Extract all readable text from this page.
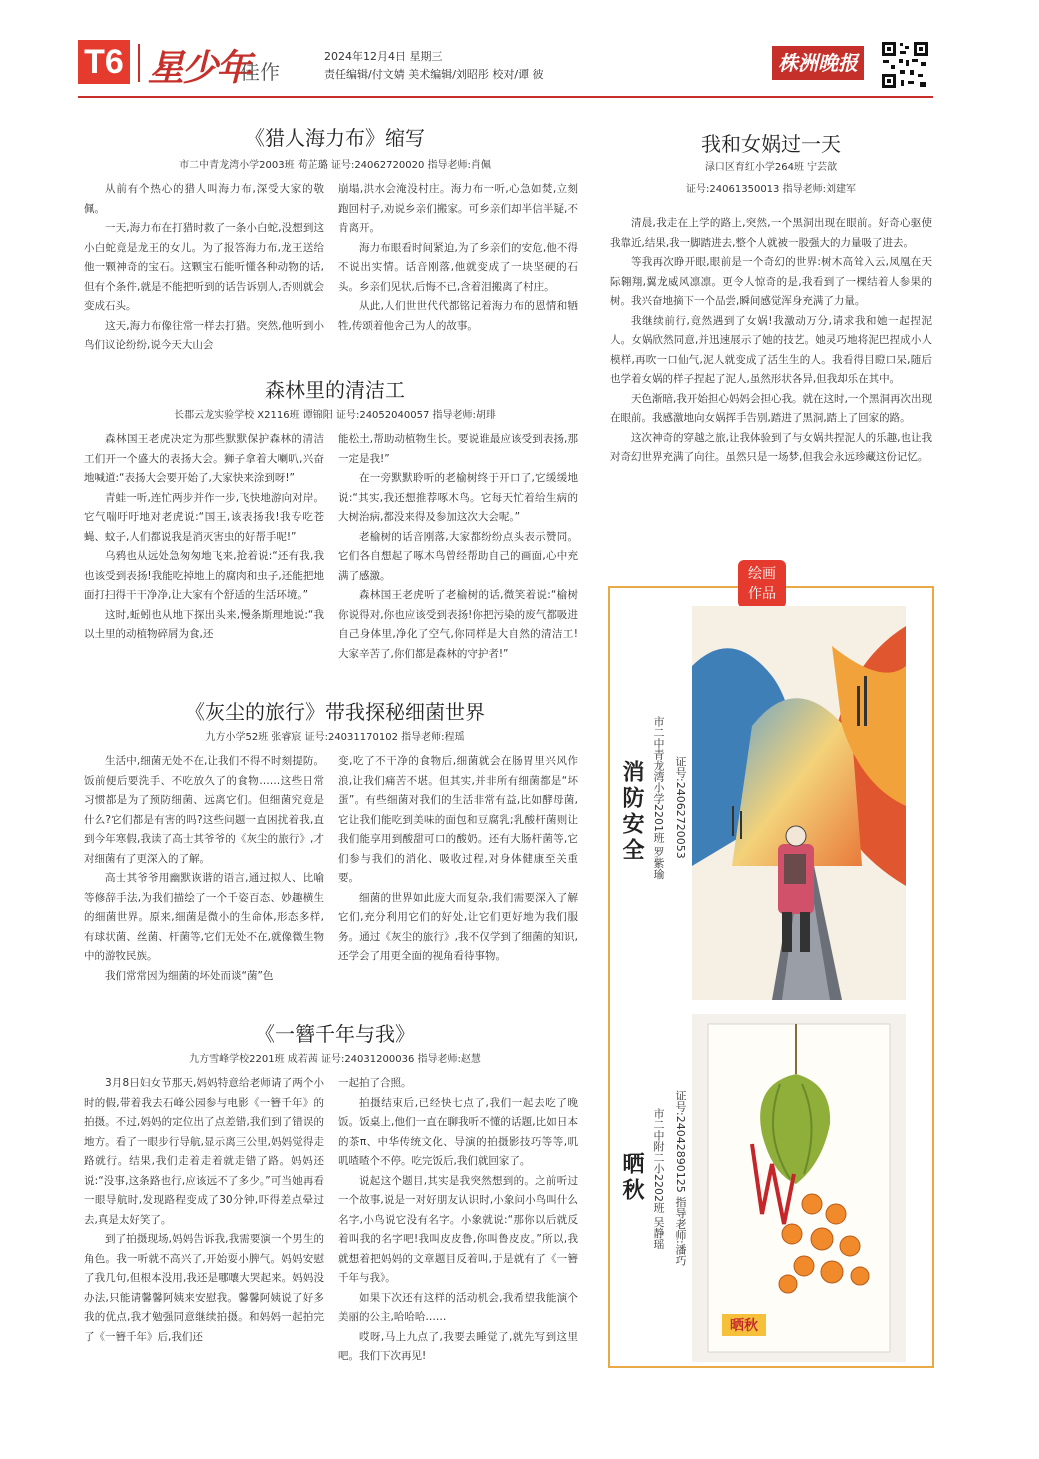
T6 星少年
佳作
2024年12月4日 星期三
责任编辑/付文婧 美术编辑/刘昭彤 校对/谭 彼	株洲晚报
《猎人海力布》缩写
市二中青龙湾小学2003班 荀芷璐 证号:24062720020 指导老师:肖佩

从前有个热心的猎人叫海力布,深受大家的敬佩。

一天,海力布在打猎时救了一条小白蛇,没想到这小白蛇竟是龙王的女儿。为了报答海力布,龙王送给他一颗神奇的宝石。这颗宝石能听懂各种动物的话,但有个条件,就是不能把听到的话告诉别人,否则就会变成石头。

这天,海力布像往常一样去打猎。突然,他听到小鸟们议论纷纷,说今天大山会

崩塌,洪水会淹没村庄。海力布一听,心急如焚,立刻跑回村子,劝说乡亲们搬家。可乡亲们却半信半疑,不肯离开。

海力布眼看时间紧迫,为了乡亲们的安危,他不得不说出实情。话音刚落,他就变成了一块坚硬的石头。乡亲们见状,后悔不已,含着泪搬离了村庄。

从此,人们世世代代都铭记着海力布的恩情和牺牲,传颂着他舍己为人的故事。

森林里的清洁工
长郡云龙实验学校 X2116班 谭锦阳 证号:24052040057 指导老师:胡琲

森林国王老虎决定为那些默默保护森林的清洁工们开一个盛大的表扬大会。狮子拿着大喇叭,兴奋地喊道:“表扬大会要开始了,大家快来涂到呀!”

青蛙一听,连忙两步并作一步,飞快地游向对岸。它气喘吁吁地对老虎说:“国王,该表扬我!我专吃苍蝇、蚊子,人们都说我是消灭害虫的好帮手呢!”

乌鸦也从远处急匆匆地飞来,抢着说:“还有我,我也该受到表扬!我能吃掉地上的腐肉和虫子,还能把地面打扫得干干净净,让大家有个舒适的生活环境。”

这时,蚯蚓也从地下探出头来,慢条斯理地说:“我以土里的动植物碎屑为食,还

能松土,帮助动植物生长。要说谁最应该受到表扬,那一定是我!”

在一旁默默聆听的老榆树终于开口了,它缓缓地说:“其实,我还想推荐啄木鸟。它每天忙着给生病的大树治病,都没来得及参加这次大会呢。”

老榆树的话音刚落,大家都纷纷点头表示赞同。它们各自想起了啄木鸟曾经帮助自己的画面,心中充满了感激。

森林国王老虎听了老榆树的话,微笑着说:“榆树你说得对,你也应该受到表扬!你把污染的废气都吸进自己身体里,净化了空气,你同样是大自然的清洁工!大家辛苦了,你们都是森林的守护者!”

《灰尘的旅行》带我探秘细菌世界
九方小学52班 张睿宸 证号:24031170102 指导老师:程瑶

生活中,细菌无处不在,让我们不得不时刻提防。饭前便后要洗手、不吃放久了的食物……这些日常习惯都是为了预防细菌、远离它们。但细菌究竟是什么?它们都是有害的吗?这些问题一直困扰着我,直到今年寒假,我读了高士其爷爷的《灰尘的旅行》,才对细菌有了更深入的了解。

高士其爷爷用幽默诙谐的语言,通过拟人、比喻等修辞手法,为我们描绘了一个千姿百态、妙趣横生的细菌世界。原来,细菌是微小的生命体,形态多样,有球状菌、丝菌、杆菌等,它们无处不在,就像微生物中的游牧民族。

我们常常因为细菌的坏处而谈“菌”色

变,吃了不干净的食物后,细菌就会在肠胃里兴风作浪,让我们痛苦不堪。但其实,并非所有细菌都是“坏蛋”。有些细菌对我们的生活非常有益,比如酵母菌,它让我们能吃到美味的面包和豆腐乳;乳酸杆菌则让我们能享用到酸甜可口的酸奶。还有大肠杆菌等,它们参与我们的消化、吸收过程,对身体健康至关重要。

细菌的世界如此庞大而复杂,我们需要深入了解它们,充分利用它们的好处,让它们更好地为我们服务。通过《灰尘的旅行》,我不仅学到了细菌的知识,还学会了用更全面的视角看待事物。

《一簪千年与我》
九方雪峰学校2201班 成若茜 证号:24031200036 指导老师:赵慧

3月8日妇女节那天,妈妈特意给老师请了两个小时的假,带着我去石峰公园参与电影《一簪千年》的拍摄。不过,妈妈的定位出了点差错,我们到了错误的地方。看了一眼步行导航,显示离三公里,妈妈觉得走路就行。结果,我们走着走着就走错了路。妈妈还说:“没事,这条路也行,应该远不了多少。”可当她再看一眼导航时,发现路程变成了30分钟,吓得差点晕过去,真是太好笑了。

到了拍摄现场,妈妈告诉我,我需要演一个男生的角色。我一听就不高兴了,开始耍小脾气。妈妈安慰了我几句,但根本没用,我还是哪嚷大哭起来。妈妈没办法,只能请馨馨阿姨来安慰我。馨馨阿姨说了好多我的优点,我才勉强同意继续拍摄。和妈妈一起拍完了《一簪千年》后,我们还

一起拍了合照。

拍摄结束后,已经快七点了,我们一起去吃了晚饭。饭桌上,他们一直在聊我听不懂的话题,比如日本的茶π、中华传统文化、导演的拍摄影技巧等等,叽叽喳喳个不停。吃完饭后,我们就回家了。

说起这个题目,其实是我突然想到的。之前听过一个故事,说是一对好朋友认识时,小象问小鸟叫什么名字,小鸟说它没有名字。小象就说:“那你以后就反着叫我的名字吧!我叫皮皮鲁,你叫鲁皮皮。”所以,我就想着把妈妈的文章题目反着叫,于是就有了《一簪千年与我》。

如果下次还有这样的活动机会,我希望我能演个美丽的公主,哈哈哈……

哎呀,马上九点了,我要去睡觉了,就先写到这里吧。我们下次再见!

我和女娲过一天
渌口区育红小学264班 宁芸歆
证号:24061350013 指导老师:刘建军

清晨,我走在上学的路上,突然,一个黑洞出现在眼前。好奇心驱使我靠近,结果,我一脚踏进去,整个人就被一股强大的力量吸了进去。

等我再次睁开眼,眼前是一个奇幻的世界:树木高耸入云,凤凰在天际翱翔,翼龙威风凛凛。更令人惊奇的是,我看到了一棵结着人参果的树。我兴奋地摘下一个品尝,瞬间感觉浑身充满了力量。

我继续前行,竟然遇到了女娲!我激动万分,请求我和她一起捏泥人。女娲欣然同意,并迅速展示了她的技艺。她灵巧地将泥巴捏成小人模样,再吹一口仙气,泥人就变成了活生生的人。我看得目瞪口呆,随后也学着女娲的样子捏起了泥人,虽然形状各异,但我却乐在其中。

天色渐暗,我开始担心妈妈会担心我。就在这时,一个黑洞再次出现在眼前。我感激地向女娲挥手告别,踏进了黑洞,踏上了回家的路。

这次神奇的穿越之旅,让我体验到了与女娲共捏泥人的乐趣,也让我对奇幻世界充满了向往。虽然只是一场梦,但我会永远珍藏这份记忆。

绘画
作品
消防安全 市二中青龙湾小学2201班 罗紫瑜 证号:24062720053
晒秋 市二中附二小2202班 吴静瑶 证号:24042890125 指导老师:潘巧
晒秋
